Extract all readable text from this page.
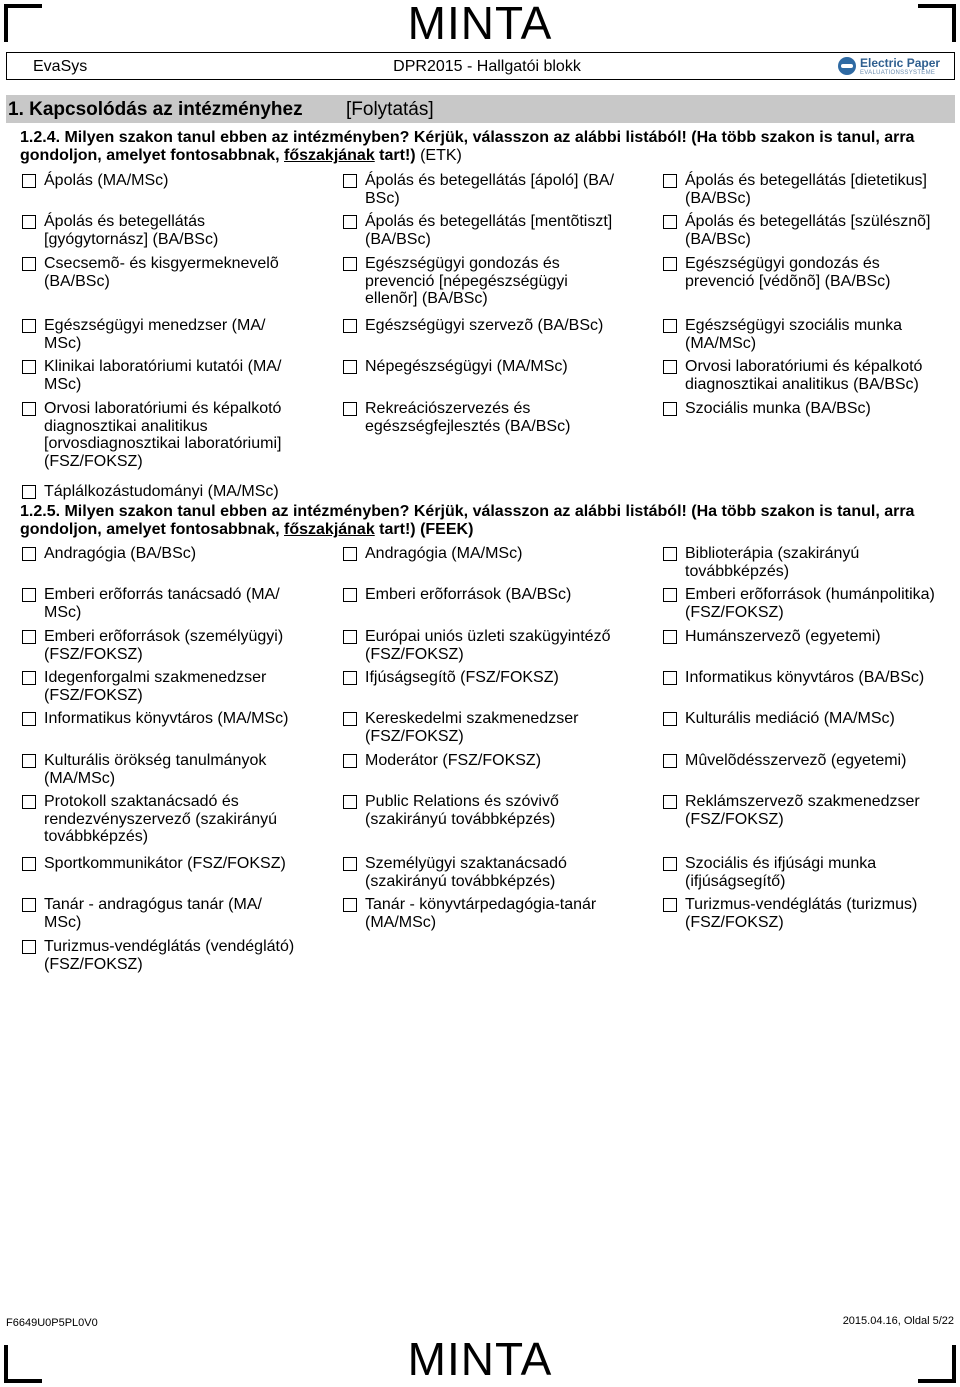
MINTA
EvaSys	DPR2015 - Hallgatói blokk	Electric Paper
EVALUATIONSSYSTEME
1. Kapcsolódás az intézményhez [Folytatás]
1.2.4. Milyen szakon tanul ebben az intézményben? Kérjük, válasszon az alábbi listából! (Ha több szakon is tanul, arra gondoljon, amelyet fontosabbnak, főszakjának tart!) (ETK)
1.2.5. Milyen szakon tanul ebben az intézményben? Kérjük, válasszon az alábbi listából! (Ha több szakon is tanul, arra gondoljon, amelyet fontosabbnak, főszakjának tart!) (FEEK)
Ápolás (MA/MSc)	Ápolás és betegellátás [ápoló] (BA/
BSc)
Ápolás és betegellátás [dietetikus]
(BA/BSc)
Ápolás és betegellátás
[gyógytornász] (BA/BSc)
Ápolás és betegellátás [mentõtiszt]
(BA/BSc)
Ápolás és betegellátás [szülésznõ]
(BA/BSc)
Csecsemõ- és kisgyermeknevelõ
(BA/BSc)
Egészségügyi gondozás és
prevenció [népegészségügyi
ellenõr] (BA/BSc)
Egészségügyi gondozás és
prevenció [védõnõ] (BA/BSc)
Egészségügyi menedzser (MA/
MSc)
Egészségügyi szervezõ (BA/BSc)	Egészségügyi szociális munka
(MA/MSc)
Klinikai laboratóriumi kutatói (MA/
MSc)
Népegészségügyi (MA/MSc)	Orvosi laboratóriumi és képalkotó
diagnosztikai analitikus (BA/BSc)
Orvosi laboratóriumi és képalkotó
diagnosztikai analitikus
[orvosdiagnosztikai laboratóriumi]
(FSZ/FOKSZ)
Rekreációszervezés és
egészségfejlesztés (BA/BSc)
Szociális munka (BA/BSc)
Táplálkozástudományi (MA/MSc)
Andragógia (BA/BSc)	Andragógia (MA/MSc)	Biblioterápia (szakirányú
továbbképzés)
Emberi erõforrás tanácsadó (MA/
MSc)
Emberi erõforrások (BA/BSc)	Emberi erõforrások (humánpolitika)
(FSZ/FOKSZ)
Emberi erõforrások (személyügyi)
(FSZ/FOKSZ)
Európai uniós üzleti szakügyintéző
(FSZ/FOKSZ)
Humánszervezõ (egyetemi)
Idegenforgalmi szakmenedzser
(FSZ/FOKSZ)
Ifjúságsegítõ (FSZ/FOKSZ)	Informatikus könyvtáros (BA/BSc)
Informatikus könyvtáros (MA/MSc)	Kereskedelmi szakmenedzser
(FSZ/FOKSZ)
Kulturális mediáció (MA/MSc)
Kulturális örökség tanulmányok
(MA/MSc)
Moderátor (FSZ/FOKSZ)	Mûvelõdésszervezõ (egyetemi)
Protokoll szaktanácsadó és
rendezvényszervező (szakirányú
továbbképzés)
Public Relations és szóvivő
(szakirányú továbbképzés)
Reklámszervezõ szakmenedzser
(FSZ/FOKSZ)
Sportkommunikátor (FSZ/FOKSZ)	Személyügyi szaktanácsadó
(szakirányú továbbképzés)
Szociális és ifjúsági munka
(ifjúságsegítő)
Tanár - andragógus tanár (MA/
MSc)
Tanár - könyvtárpedagógia-tanár
(MA/MSc)
Turizmus-vendéglátás (turizmus)
(FSZ/FOKSZ)
Turizmus-vendéglátás (vendéglátó)
(FSZ/FOKSZ)
F6649U0P5PL0V0	2015.04.16, Oldal 5/22
MINTA
